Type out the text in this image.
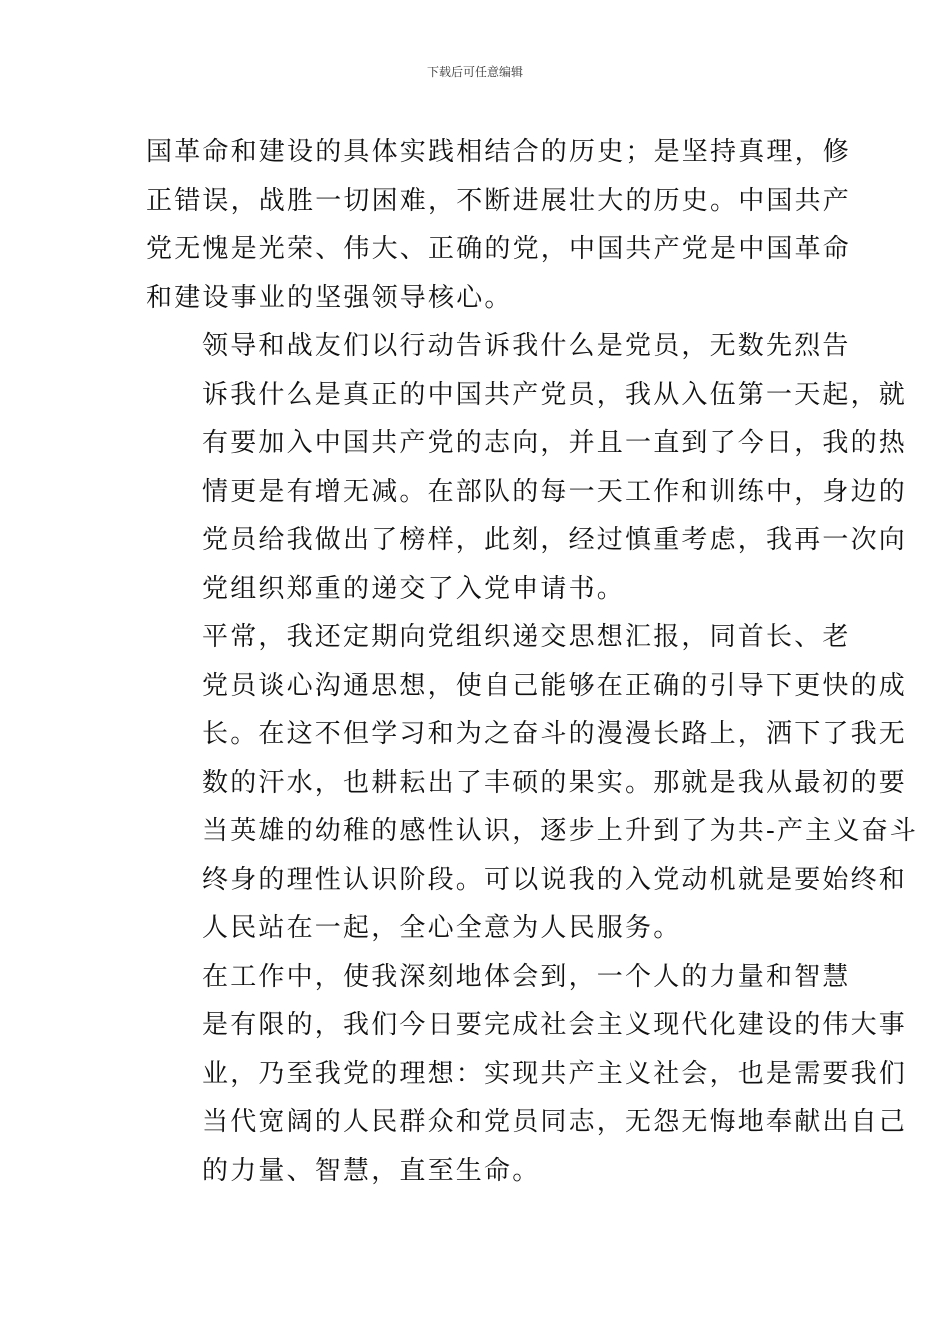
下载后可任意编辑

国革命和建设的具体实践相结合的历史；是坚持真理，修
正错误，战胜一切困难，不断进展壮大的历史。中国共产
党无愧是光荣、伟大、正确的党，中国共产党是中国革命
和建设事业的坚强领导核心。

领导和战友们以行动告诉我什么是党员，无数先烈告
诉我什么是真正的中国共产党员，我从入伍第一天起，就
有要加入中国共产党的志向，并且一直到了今日，我的热
情更是有增无减。在部队的每一天工作和训练中，身边的
党员给我做出了榜样，此刻，经过慎重考虑，我再一次向
党组织郑重的递交了入党申请书。

平常，我还定期向党组织递交思想汇报，同首长、老
党员谈心沟通思想，使自己能够在正确的引导下更快的成
长。在这不但学习和为之奋斗的漫漫长路上，洒下了我无
数的汗水，也耕耘出了丰硕的果实。那就是我从最初的要
当英雄的幼稚的感性认识，逐步上升到了为共-产主义奋斗
终身的理性认识阶段。可以说我的入党动机就是要始终和
人民站在一起，全心全意为人民服务。

在工作中，使我深刻地体会到，一个人的力量和智慧
是有限的，我们今日要完成社会主义现代化建设的伟大事
业，乃至我党的理想：实现共产主义社会，也是需要我们
当代宽阔的人民群众和党员同志，无怨无悔地奉献出自己
的力量、智慧，直至生命。
